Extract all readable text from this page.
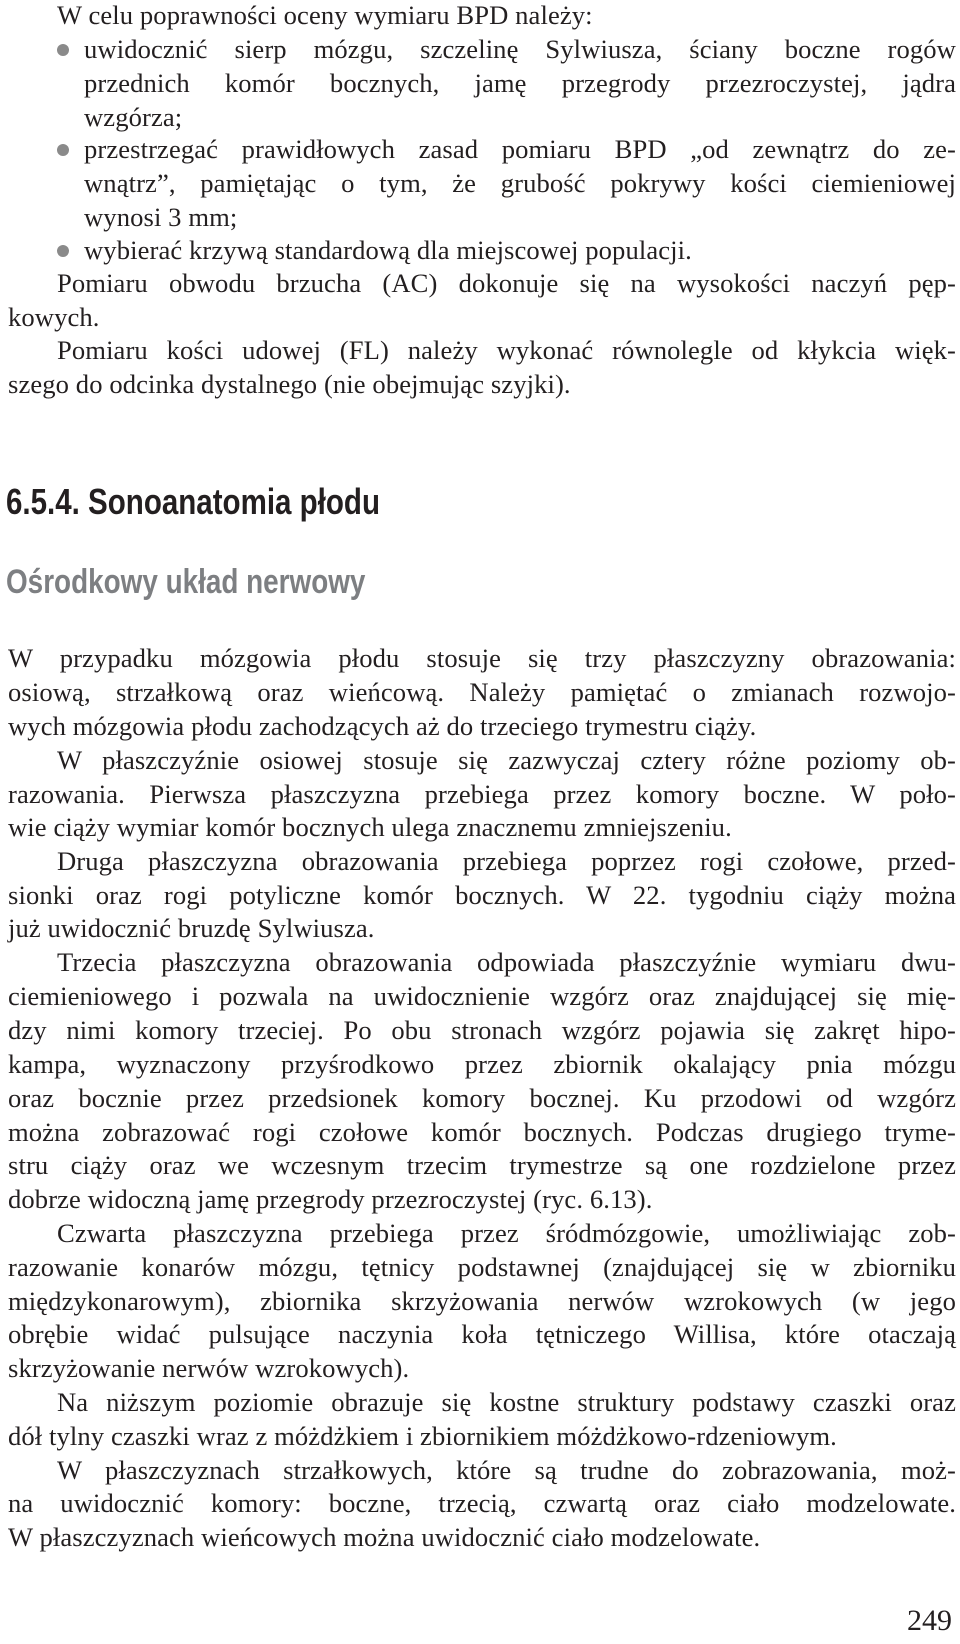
W celu poprawności oceny wymiaru BPD należy:
uwidocznić sierp mózgu, szczelinę Sylwiusza, ściany boczne rogów
przednich komór bocznych, jamę przegrody przezroczystej, jądra
wzgórza;
przestrzegać prawidłowych zasad pomiaru BPD „od zewnątrz do ze-
wnątrz”, pamiętając o tym, że grubość pokrywy kości ciemieniowej
wynosi 3 mm;
wybierać krzywą standardową dla miejscowej populacji.
Pomiaru obwodu brzucha (AC) dokonuje się na wysokości naczyń pęp-
kowych.
Pomiaru kości udowej (FL) należy wykonać równolegle od kłykcia więk-
szego do odcinka dystalnego (nie obejmując szyjki).
6.5.4. Sonoanatomia płodu
Ośrodkowy układ nerwowy
W przypadku mózgowia płodu stosuje się trzy płaszczyzny obrazowania:
osiową, strzałkową oraz wieńcową. Należy pamiętać o zmianach rozwojo-
wych mózgowia płodu zachodzących aż do trzeciego trymestru ciąży.
W płaszczyźnie osiowej stosuje się zazwyczaj cztery różne poziomy ob-
razowania. Pierwsza płaszczyzna przebiega przez komory boczne. W poło-
wie ciąży wymiar komór bocznych ulega znacznemu zmniejszeniu.
Druga płaszczyzna obrazowania przebiega poprzez rogi czołowe, przed-
sionki oraz rogi potyliczne komór bocznych. W 22. tygodniu ciąży można
już uwidocznić bruzdę Sylwiusza.
Trzecia płaszczyzna obrazowania odpowiada płaszczyźnie wymiaru dwu-
ciemieniowego i pozwala na uwidocznienie wzgórz oraz znajdującej się mię-
dzy nimi komory trzeciej. Po obu stronach wzgórz pojawia się zakręt hipo-
kampa, wyznaczony przyśrodkowo przez zbiornik okalający pnia mózgu
oraz bocznie przez przedsionek komory bocznej. Ku przodowi od wzgórz
można zobrazować rogi czołowe komór bocznych. Podczas drugiego tryme-
stru ciąży oraz we wczesnym trzecim trymestrze są one rozdzielone przez
dobrze widoczną jamę przegrody przezroczystej (ryc. 6.13).
Czwarta płaszczyzna przebiega przez śródmózgowie, umożliwiając zob-
razowanie konarów mózgu, tętnicy podstawnej (znajdującej się w zbiorniku
międzykonarowym), zbiornika skrzyżowania nerwów wzrokowych (w jego
obrębie widać pulsujące naczynia koła tętniczego Willisa, które otaczają
skrzyżowanie nerwów wzrokowych).
Na niższym poziomie obrazuje się kostne struktury podstawy czaszki oraz
dół tylny czaszki wraz z móżdżkiem i zbiornikiem móżdżkowo-rdzeniowym.
W płaszczyznach strzałkowych, które są trudne do zobrazowania, moż-
na uwidocznić komory: boczne, trzecią, czwartą oraz ciało modzelowate.
W płaszczyznach wieńcowych można uwidocznić ciało modzelowate.
249
